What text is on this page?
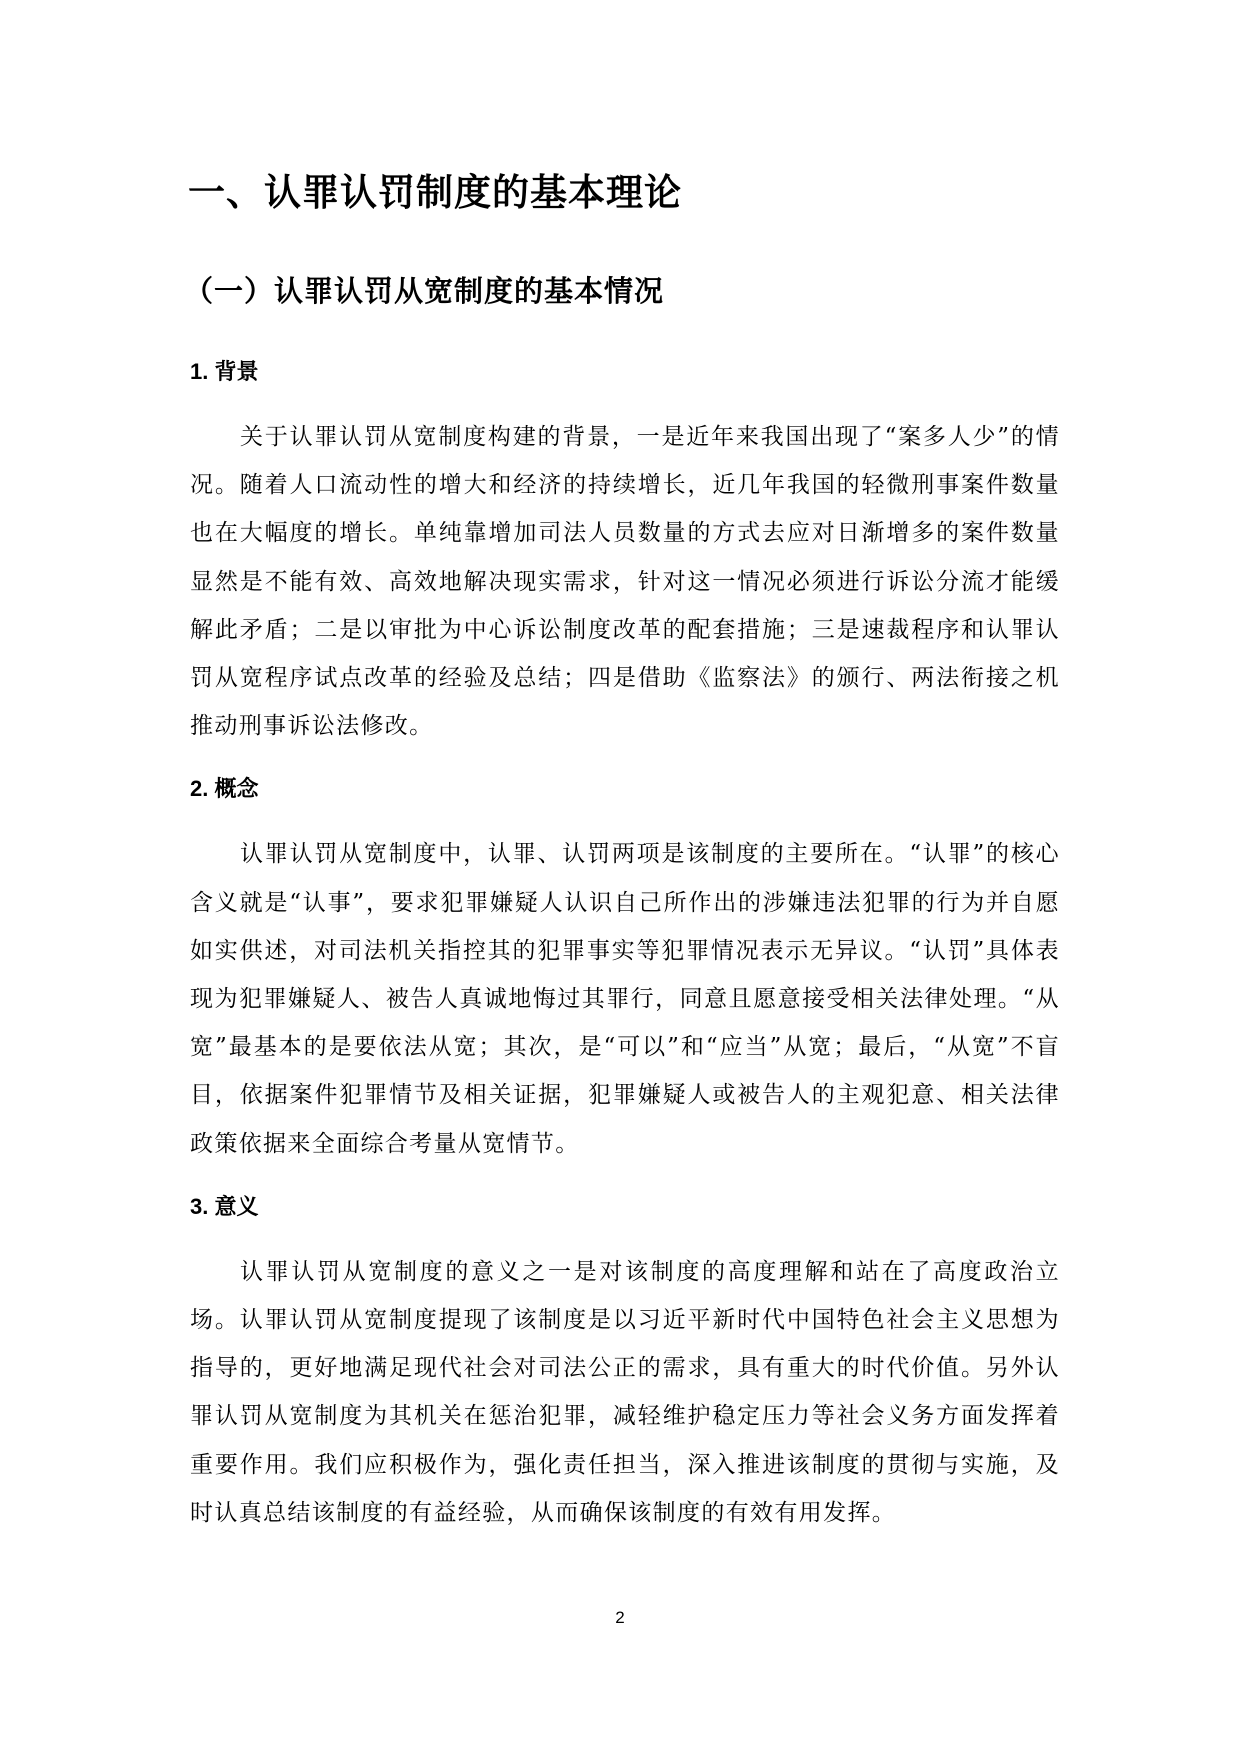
一、认罪认罚制度的基本理论
（一）认罪认罚从宽制度的基本情况
1. 背景

关于认罪认罚从宽制度构建的背景，一是近年来我国出现了“案多人少”的情况。随着人口流动性的增大和经济的持续增长，近几年我国的轻微刑事案件数量也在大幅度的增长。单纯靠增加司法人员数量的方式去应对日渐增多的案件数量显然是不能有效、高效地解决现实需求，针对这一情况必须进行诉讼分流才能缓解此矛盾；二是以审批为中心诉讼制度改革的配套措施；三是速裁程序和认罪认罚从宽程序试点改革的经验及总结；四是借助《监察法》的颁行、两法衔接之机推动刑事诉讼法修改。

2. 概念

认罪认罚从宽制度中，认罪、认罚两项是该制度的主要所在。“认罪”的核心含义就是“认事”，要求犯罪嫌疑人认识自己所作出的涉嫌违法犯罪的行为并自愿如实供述，对司法机关指控其的犯罪事实等犯罪情况表示无异议。“认罚”具体表现为犯罪嫌疑人、被告人真诚地悔过其罪行，同意且愿意接受相关法律处理。“从宽”最基本的是要依法从宽；其次，是“可以”和“应当”从宽；最后，“从宽”不盲目，依据案件犯罪情节及相关证据，犯罪嫌疑人或被告人的主观犯意、相关法律政策依据来全面综合考量从宽情节。

3. 意义

认罪认罚从宽制度的意义之一是对该制度的高度理解和站在了高度政治立场。认罪认罚从宽制度提现了该制度是以习近平新时代中国特色社会主义思想为指导的，更好地满足现代社会对司法公正的需求，具有重大的时代价值。另外认罪认罚从宽制度为其机关在惩治犯罪，减轻维护稳定压力等社会义务方面发挥着重要作用。我们应积极作为，强化责任担当，深入推进该制度的贯彻与实施，及时认真总结该制度的有益经验，从而确保该制度的有效有用发挥。

2
